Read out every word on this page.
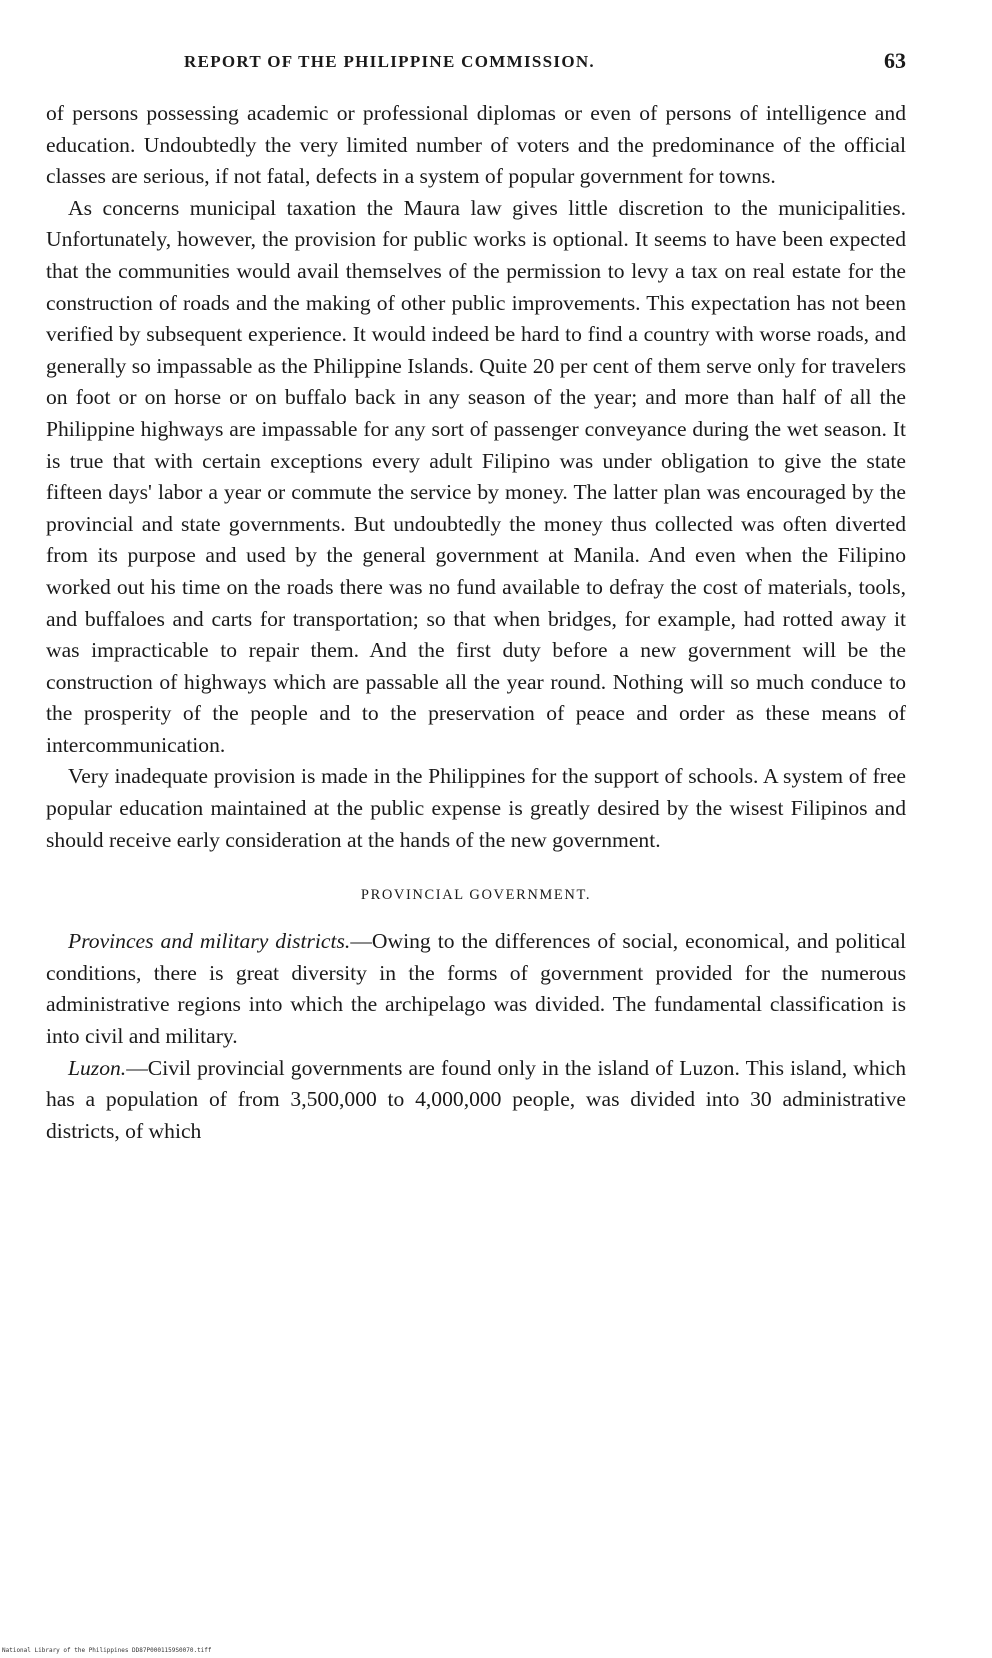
REPORT OF THE PHILIPPINE COMMISSION.	63

of persons possessing academic or professional diplomas or even of persons of intelligence and education. Undoubtedly the very limited number of voters and the predominance of the official classes are serious, if not fatal, defects in a system of popular government for towns.

As concerns municipal taxation the Maura law gives little discretion to the municipalities. Unfortunately, however, the provision for public works is optional. It seems to have been expected that the communities would avail themselves of the permission to levy a tax on real estate for the construction of roads and the making of other public improvements. This expectation has not been verified by subsequent experience. It would indeed be hard to find a country with worse roads, and generally so impassable as the Philippine Islands. Quite 20 per cent of them serve only for travelers on foot or on horse or on buffalo back in any season of the year; and more than half of all the Philippine highways are impassable for any sort of passenger conveyance during the wet season. It is true that with certain exceptions every adult Filipino was under obligation to give the state fifteen days' labor a year or commute the service by money. The latter plan was encouraged by the provincial and state governments. But undoubtedly the money thus collected was often diverted from its purpose and used by the general government at Manila. And even when the Filipino worked out his time on the roads there was no fund available to defray the cost of materials, tools, and buffaloes and carts for transportation; so that when bridges, for example, had rotted away it was impracticable to repair them. And the first duty before a new government will be the construction of highways which are passable all the year round. Nothing will so much conduce to the prosperity of the people and to the preservation of peace and order as these means of intercommunication.

Very inadequate provision is made in the Philippines for the support of schools. A system of free popular education maintained at the public expense is greatly desired by the wisest Filipinos and should receive early consideration at the hands of the new government.

PROVINCIAL GOVERNMENT.

Provinces and military districts.—Owing to the differences of social, economical, and political conditions, there is great diversity in the forms of government provided for the numerous administrative regions into which the archipelago was divided. The fundamental classification is into civil and military.

Luzon.—Civil provincial governments are found only in the island of Luzon. This island, which has a population of from 3,500,000 to 4,000,000 people, was divided into 30 administrative districts, of which

National Library of the Philippines DD87P0001159S0070.tiff
